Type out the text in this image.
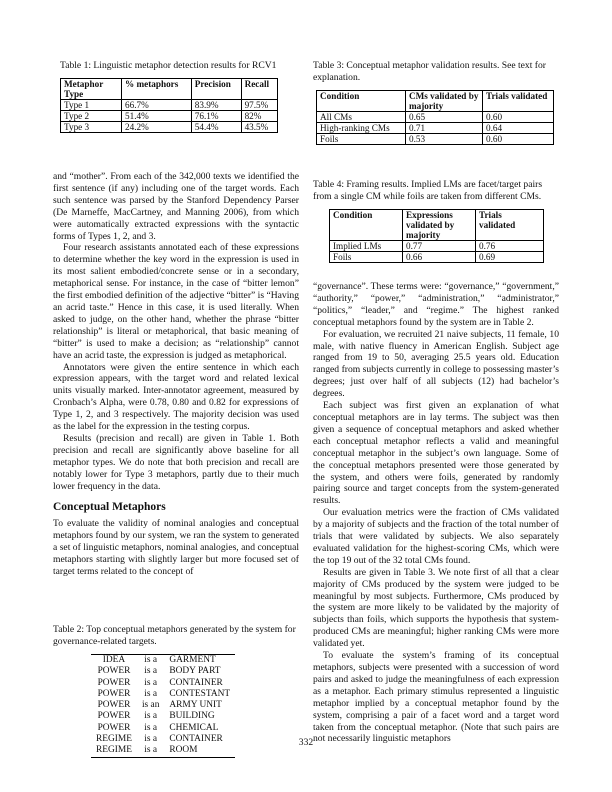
Table 1: Linguistic metaphor detection results for RCV1

Metaphor Type	% metaphors	Precision	Recall
Type 1	66.7%	83.9%	97.5%
Type 2	51.4%	76.1%	82%
Type 3	24.2%	54.4%	43.5%

and “mother”. From each of the 342,000 texts we identified the first sentence (if any) including one of the target words. Each such sentence was parsed by the Stanford Dependency Parser (De Marneffe, MacCartney, and Manning 2006), from which were automatically extracted expressions with the syntactic forms of Types 1, 2, and 3.

Four research assistants annotated each of these expressions to determine whether the key word in the expression is used in its most salient embodied/concrete sense or in a secondary, metaphorical sense. For instance, in the case of “bitter lemon” the first embodied definition of the adjective “bitter” is “Having an acrid taste.” Hence in this case, it is used literally. When asked to judge, on the other hand, whether the phrase “bitter relationship” is literal or metaphorical, that basic meaning of “bitter” is used to make a decision; as “relationship” cannot have an acrid taste, the expression is judged as metaphorical.

Annotators were given the entire sentence in which each expression appears, with the target word and related lexical units visually marked. Inter-annotator agreement, measured by Cronbach’s Alpha, were 0.78, 0.80 and 0.82 for expressions of Type 1, 2, and 3 respectively. The majority decision was used as the label for the expression in the testing corpus.

Results (precision and recall) are given in Table 1. Both precision and recall are significantly above baseline for all metaphor types. We do note that both precision and recall are notably lower for Type 3 metaphors, partly due to their much lower frequency in the data.

Conceptual Metaphors

To evaluate the validity of nominal analogies and conceptual metaphors found by our system, we ran the system to generated a set of linguistic metaphors, nominal analogies, and conceptual metaphors starting with slightly larger but more focused set of target terms related to the concept of

Table 2: Top conceptual metaphors generated by the system for governance-related targets.

IDEA	is a	GARMENT
POWER	is a	BODY PART
POWER	is a	CONTAINER
POWER	is a	CONTESTANT
POWER	is an	ARMY UNIT
POWER	is a	BUILDING
POWER	is a	CHEMICAL
REGIME	is a	CONTAINER
REGIME	is a	ROOM

Table 3: Conceptual metaphor validation results. See text for explanation.

Condition	CMs validated by majority	Trials validated
All CMs	0.65	0.60
High-ranking CMs	0.71	0.64
Foils	0.53	0.60

Table 4: Framing results. Implied LMs are facet/target pairs from a single CM while foils are taken from different CMs.

Condition	Expressions validated by majority	Trials validated
Implied LMs	0.77	0.76
Foils	0.66	0.69

“governance”. These terms were: “governance,” “government,” “authority,” “power,” “administration,” “administrator,” “politics,” “leader,” and “regime.” The highest ranked conceptual metaphors found by the system are in Table 2.

For evaluation, we recruited 21 naive subjects, 11 female, 10 male, with native fluency in American English. Subject age ranged from 19 to 50, averaging 25.5 years old. Education ranged from subjects currently in college to possessing master’s degrees; just over half of all subjects (12) had bachelor’s degrees.

Each subject was first given an explanation of what conceptual metaphors are in lay terms. The subject was then given a sequence of conceptual metaphors and asked whether each conceptual metaphor reflects a valid and meaningful conceptual metaphor in the subject’s own language. Some of the conceptual metaphors presented were those generated by the system, and others were foils, generated by randomly pairing source and target concepts from the system-generated results.

Our evaluation metrics were the fraction of CMs validated by a majority of subjects and the fraction of the total number of trials that were validated by subjects. We also separately evaluated validation for the highest-scoring CMs, which were the top 19 out of the 32 total CMs found.

Results are given in Table 3. We note first of all that a clear majority of CMs produced by the system were judged to be meaningful by most subjects. Furthermore, CMs produced by the system are more likely to be validated by the majority of subjects than foils, which supports the hypothesis that system-produced CMs are meaningful; higher ranking CMs were more validated yet.

To evaluate the system’s framing of its conceptual metaphors, subjects were presented with a succession of word pairs and asked to judge the meaningfulness of each expression as a metaphor. Each primary stimulus represented a linguistic metaphor implied by a conceptual metaphor found by the system, comprising a pair of a facet word and a target word taken from the conceptual metaphor. (Note that such pairs are not necessarily linguistic metaphors

332
